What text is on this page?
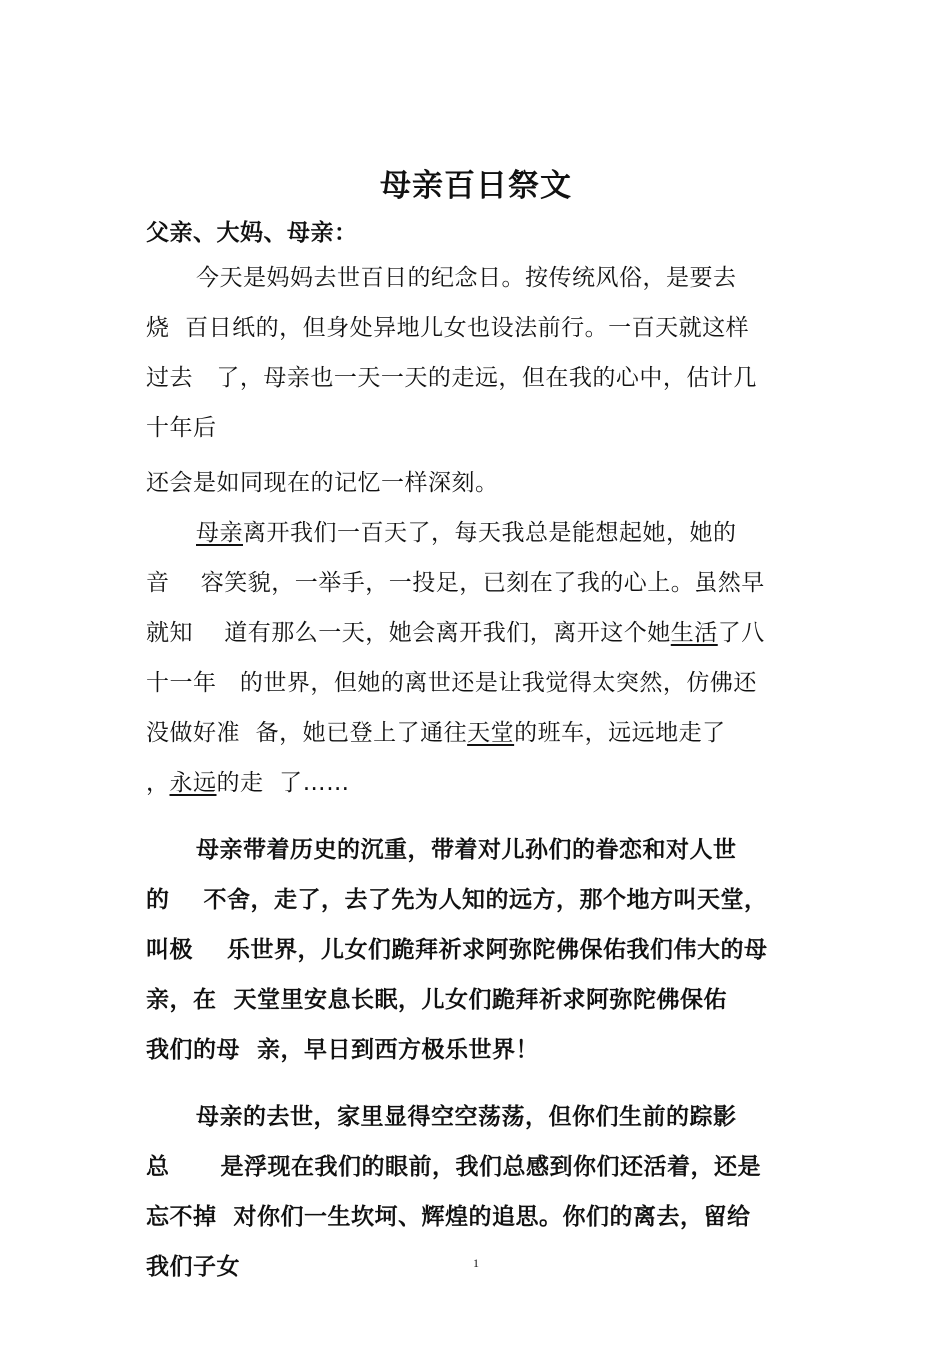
母亲百日祭文
父亲、大妈、母亲：
今天是妈妈去世百日的纪念日。按传统风俗，是要去
烧  百日纸的，但身处异地儿女也设法前行。一百天就这样
过去   了，母亲也一天一天的走远，但在我的心中，估计几
十年后
还会是如同现在的记忆一样深刻。
母亲离开我们一百天了，每天我总是能想起她，她的
音    容笑貌，一举手，一投足，已刻在了我的心上。虽然早
就知    道有那么一天，她会离开我们，离开这个她生活了八
十一年   的世界，但她的离世还是让我觉得太突然，仿佛还
没做好准  备，她已登上了通往天堂的班车，远远地走了
，永远的走  了……
母亲带着历史的沉重，带着对儿孙们的眷恋和对人世
的    不舍，走了，去了先为人知的远方，那个地方叫天堂，
叫极    乐世界，儿女们跪拜祈求阿弥陀佛保佑我们伟大的母
亲，在  天堂里安息长眠，儿女们跪拜祈求阿弥陀佛保佑
我们的母  亲，早日到西方极乐世界！
母亲的去世，家里显得空空荡荡，但你们生前的踪影
总      是浮现在我们的眼前，我们总感到你们还活着，还是
忘不掉  对你们一生坎坷、辉煌的追思。你们的离去，留给
我们子女	1
